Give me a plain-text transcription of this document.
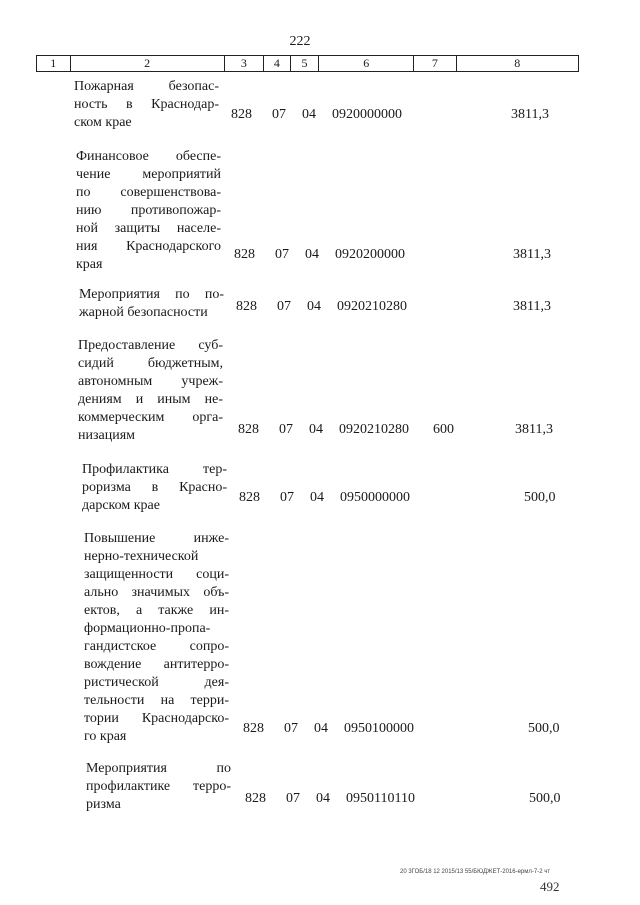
222
1	2	3	4	5	6	7	8
Пожарная безопас-
ность в Краснодар-
ском крае
828 07 04 0920000000	3811,3
Финансовое обеспе-
чение мероприятий
по совершенствова-
нию противопожар-
ной защиты населе-
ния Краснодарского
края
828 07 04 0920200000	3811,3
Мероприятия по по-
жарной безопасности	828 07 04 0920210280	3811,3
Предоставление суб-
сидий бюджетным,
автономным учреж-
дениям и иным не-
коммерческим орга-
низациям	828 07 04 0920210280 600	3811,3
Профилактика тер-
роризма в Красно-
дарском крае
828 07 04 0950000000	500,0
Повышение инже-
нерно-технической
защищенности соци-
ально значимых объ-
ектов, а также ин-
формационно-пропа-
гандистское сопро-
вождение антитерро-
ристической дея-
тельности на терри-
тории Краснодарско-
го края
828 07 04 0950100000	500,0
Мероприятия по
профилактике терро-
ризма	828 07 04 0950110110	500,0
20 3ГОБ/18 12 2015/13 55/БЮДЖЕТ-2016-ермл-7-2 чт
492
